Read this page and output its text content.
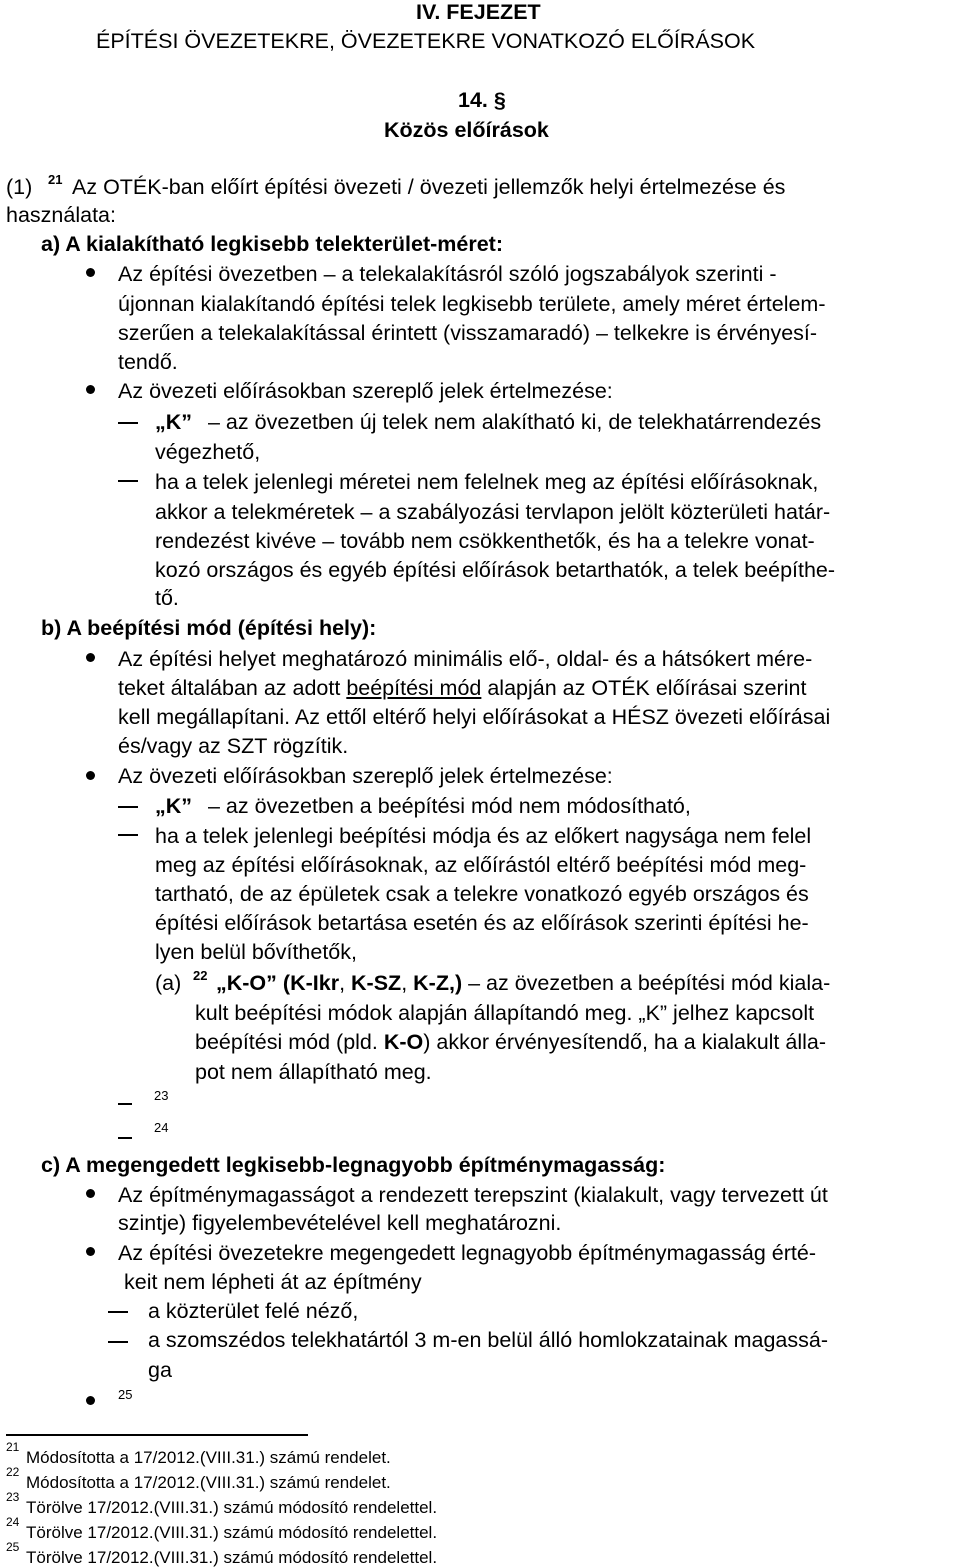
IV. FEJEZET
ÉPÍTÉSI ÖVEZETEKRE, ÖVEZETEKRE VONATKOZÓ ELŐÍRÁSOK
14. §
Közös előírások
(1) 21 Az OTÉK-ban előírt építési övezeti / övezeti jellemzők helyi értelmezése és
használata:
a) A kialakítható legkisebb telekterület-méret:
Az építési övezetben – a telekalakításról szóló jogszabályok szerinti -
újonnan kialakítandó építési telek legkisebb területe, amely méret értelem-
szerűen a telekalakítással érintett (visszamaradó) – telkekre is érvényesí-
tendő.
Az övezeti előírásokban szereplő jelek értelmezése:
„K” – az övezetben új telek nem alakítható ki, de telekhatárrendezés
végezhető,
ha a telek jelenlegi méretei nem felelnek meg az építési előírásoknak,
akkor a telekméretek – a szabályozási tervlapon jelölt közterületi határ-
rendezést kivéve – tovább nem csökkenthetők, és ha a telekre vonat-
kozó országos és egyéb építési előírások betarthatók, a telek beépíthe-
tő.
b) A beépítési mód (építési hely):
Az építési helyet meghatározó minimális elő-, oldal- és a hátsókert mére-
teket általában az adott beépítési mód alapján az OTÉK előírásai szerint
kell megállapítani. Az ettől eltérő helyi előírásokat a HÉSZ övezeti előírásai
és/vagy az SZT rögzítik.
Az övezeti előírásokban szereplő jelek értelmezése:
„K” – az övezetben a beépítési mód nem módosítható,
ha a telek jelenlegi beépítési módja és az előkert nagysága nem felel
meg az építési előírásoknak, az előírástól eltérő beépítési mód meg-
tartható, de az épületek csak a telekre vonatkozó egyéb országos és
építési előírások betartása esetén és az előírások szerinti építési he-
lyen belül bővíthetők,
(a) 22 „K-O” (K-Ikr, K-SZ, K-Z,) – az övezetben a beépítési mód kiala-
kult beépítési módok alapján állapítandó meg. „K” jelhez kapcsolt
beépítési mód (pld. K-O) akkor érvényesítendő, ha a kialakult álla-
pot nem állapítható meg.
23
24
c) A megengedett legkisebb-legnagyobb építménymagasság:
Az építménymagasságot a rendezett terepszint (kialakult, vagy tervezett út
szintje) figyelembevételével kell meghatározni.
Az építési övezetekre megengedett legnagyobb építménymagasság érté-
keit nem lépheti át az építmény
a közterület felé néző,
a szomszédos telekhatártól 3 m-en belül álló homlokzatainak magassá-
ga
25
21
Módosította a 17/2012.(VIII.31.) számú rendelet.
22
Módosította a 17/2012.(VIII.31.) számú rendelet.
23
Törölve 17/2012.(VIII.31.) számú módosító rendelettel.
24
Törölve 17/2012.(VIII.31.) számú módosító rendelettel.
25
Törölve 17/2012.(VIII.31.) számú módosító rendelettel.
